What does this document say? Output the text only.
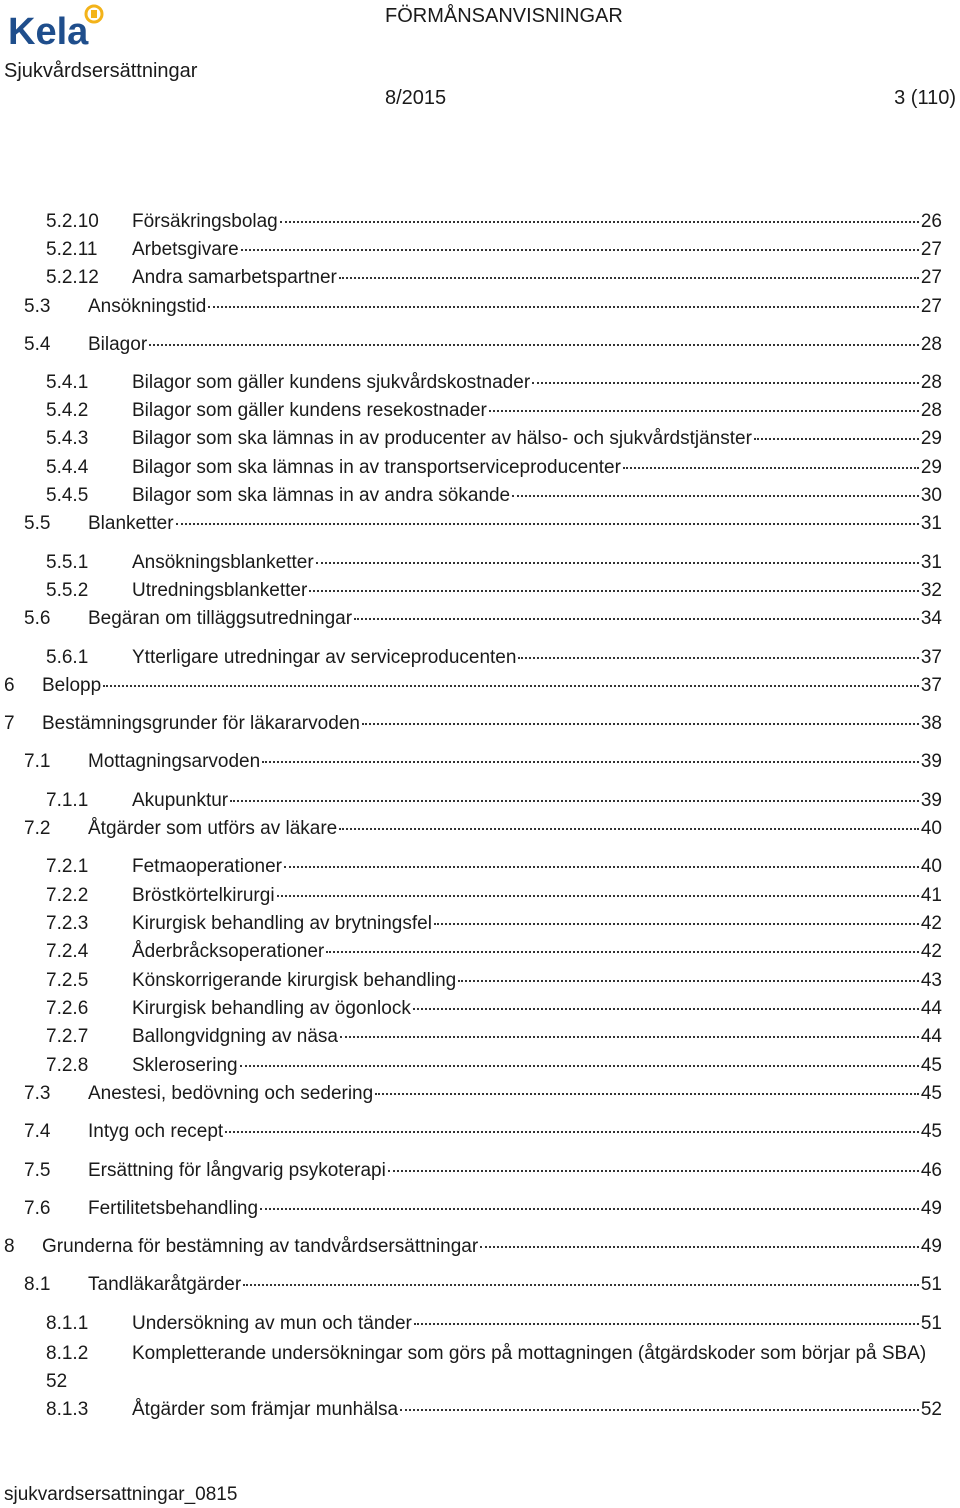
Kela	FÖRMÅNSANVISNINGAR
Sjukvårdsersättningar
8/2015	3 (110)
5.2.10	Försäkringsbolag	26
5.2.11	Arbetsgivare	27
5.2.12	Andra samarbetspartner	27
5.3	Ansökningstid	27
5.4	Bilagor	28
5.4.1	Bilagor som gäller kundens sjukvårdskostnader	28
5.4.2	Bilagor som gäller kundens resekostnader	28
5.4.3	Bilagor som ska lämnas in av producenter av hälso- och sjukvårdstjänster	29
5.4.4	Bilagor som ska lämnas in av transportserviceproducenter	29
5.4.5	Bilagor som ska lämnas in av andra sökande	30
5.5	Blanketter	31
5.5.1	Ansökningsblanketter	31
5.5.2	Utredningsblanketter	32
5.6	Begäran om tilläggsutredningar	34
5.6.1	Ytterligare utredningar av serviceproducenten	37
6	Belopp	37
7	Bestämningsgrunder för läkararvoden	38
7.1	Mottagningsarvoden	39
7.1.1	Akupunktur	39
7.2	Åtgärder som utförs av läkare	40
7.2.1	Fetmaoperationer	40
7.2.2	Bröstkörtelkirurgi	41
7.2.3	Kirurgisk behandling av brytningsfel	42
7.2.4	Åderbråcksoperationer	42
7.2.5	Könskorrigerande kirurgisk behandling	43
7.2.6	Kirurgisk behandling av ögonlock	44
7.2.7	Ballongvidgning av näsa	44
7.2.8	Sklerosering	45
7.3	Anestesi, bedövning och sedering	45
7.4	Intyg och recept	45
7.5	Ersättning för långvarig psykoterapi	46
7.6	Fertilitetsbehandling	49
8	Grunderna för bestämning av tandvårdsersättningar	49
8.1	Tandläkaråtgärder	51
8.1.1	Undersökning av mun och tänder	51
8.1.2 Kompletterande undersökningar som görs på mottagningen (åtgärdskoder som börjar på SBA) 52
8.1.3	Åtgärder som främjar munhälsa	52
sjukvardsersattningar_0815
